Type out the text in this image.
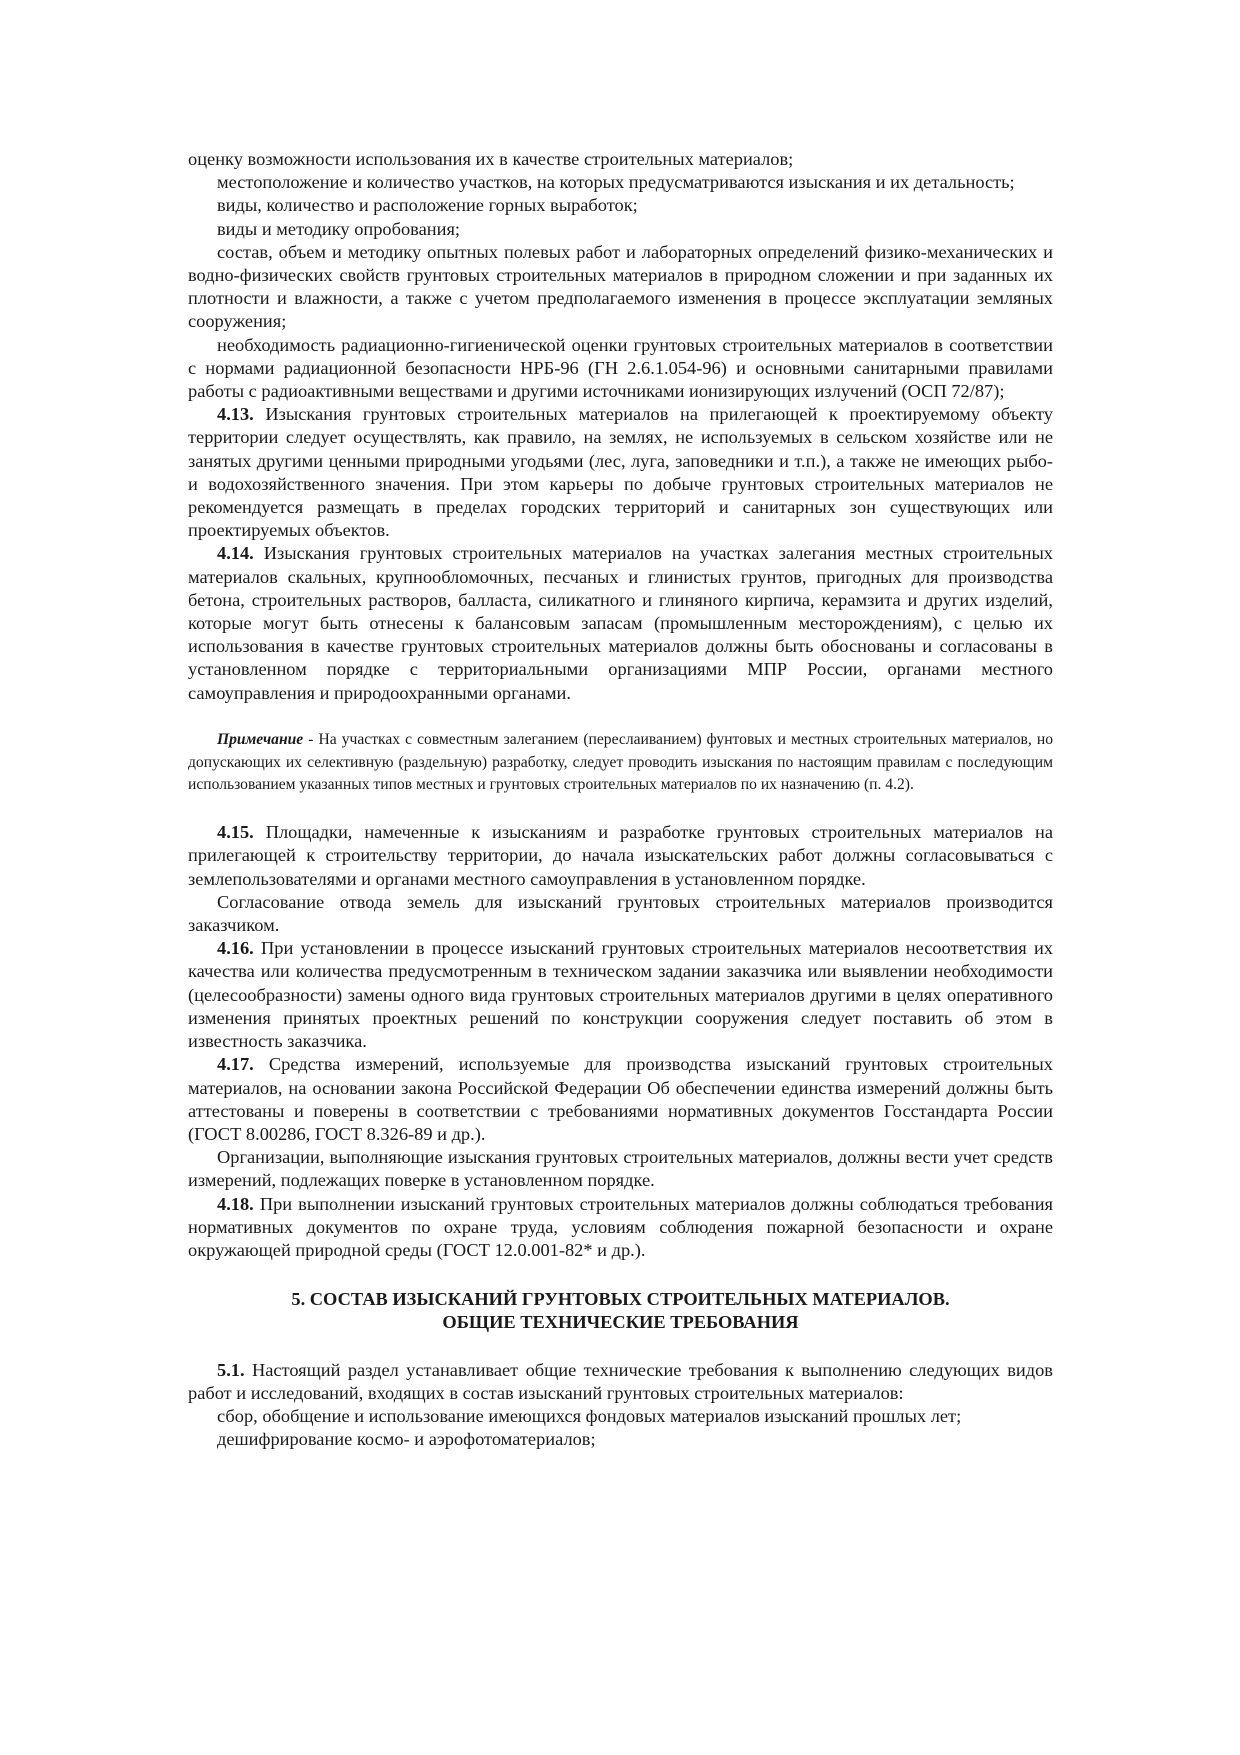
оценку возможности использования их в качестве строительных материалов;

местоположение и количество участков, на которых предусматриваются изыскания и их детальность;

виды, количество и расположение горных выработок;

виды и методику опробования;

состав, объем и методику опытных полевых работ и лабораторных определений физико-механических и водно-физических свойств грунтовых строительных материалов в природном сложении и при заданных их плотности и влажности, а также с учетом предполагаемого изменения в процессе эксплуатации земляных сооружения;

необходимость радиационно-гигиенической оценки грунтовых строительных материалов в соответствии с нормами радиационной безопасности НРБ-96 (ГН 2.6.1.054-96) и основными санитарными правилами работы с радиоактивными веществами и другими источниками ионизирующих излучений (ОСП 72/87);

4.13. Изыскания грунтовых строительных материалов на прилегающей к проектируемому объекту территории следует осуществлять, как правило, на землях, не используемых в сельском хозяйстве или не занятых другими ценными природными угодьями (лес, луга, заповедники и т.п.), а также не имеющих рыбо- и водохозяйственного значения. При этом карьеры по добыче грунтовых строительных материалов не рекомендуется размещать в пределах городских территорий и санитарных зон существующих или проектируемых объектов.

4.14. Изыскания грунтовых строительных материалов на участках залегания местных строительных материалов скальных, крупнообломочных, песчаных и глинистых грунтов, пригодных для производства бетона, строительных растворов, балласта, силикатного и глиняного кирпича, керамзита и других изделий, которые могут быть отнесены к балансовым запасам (промышленным месторождениям), с целью их использования в качестве грунтовых строительных материалов должны быть обоснованы и согласованы в установленном порядке с территориальными организациями МПР России, органами местного самоуправления и природоохранными органами.

Примечание - На участках с совместным залеганием (переслаиванием) фунтовых и местных строительных материалов, но допускающих их селективную (раздельную) разработку, следует проводить изыскания по настоящим правилам с последующим использованием указанных типов местных и грунтовых строительных материалов по их назначению (п. 4.2).

4.15. Площадки, намеченные к изысканиям и разработке грунтовых строительных материалов на прилегающей к строительству территории, до начала изыскательских работ должны согласовываться с землепользователями и органами местного самоуправления в установленном порядке.

Согласование отвода земель для изысканий грунтовых строительных материалов производится заказчиком.

4.16. При установлении в процессе изысканий грунтовых строительных материалов несоответствия их качества или количества предусмотренным в техническом задании заказчика или выявлении необходимости (целесообразности) замены одного вида грунтовых строительных материалов другими в целях оперативного изменения принятых проектных решений по конструкции сооружения следует поставить об этом в известность заказчика.

4.17. Средства измерений, используемые для производства изысканий грунтовых строительных материалов, на основании закона Российской Федерации Об обеспечении единства измерений должны быть аттестованы и поверены в соответствии с требованиями нормативных документов Госстандарта России (ГОСТ 8.00286, ГОСТ 8.326-89 и др.).

Организации, выполняющие изыскания грунтовых строительных материалов, должны вести учет средств измерений, подлежащих поверке в установленном порядке.

4.18. При выполнении изысканий грунтовых строительных материалов должны соблюдаться требования нормативных документов по охране труда, условиям соблюдения пожарной безопасности и охране окружающей природной среды (ГОСТ 12.0.001-82* и др.).

5. СОСТАВ ИЗЫСКАНИЙ ГРУНТОВЫХ СТРОИТЕЛЬНЫХ МАТЕРИАЛОВ.
ОБЩИЕ ТЕХНИЧЕСКИЕ ТРЕБОВАНИЯ

5.1. Настоящий раздел устанавливает общие технические требования к выполнению следующих видов работ и исследований, входящих в состав изысканий грунтовых строительных материалов:

сбор, обобщение и использование имеющихся фондовых материалов изысканий прошлых лет;

дешифрирование космо- и аэрофотоматериалов;
